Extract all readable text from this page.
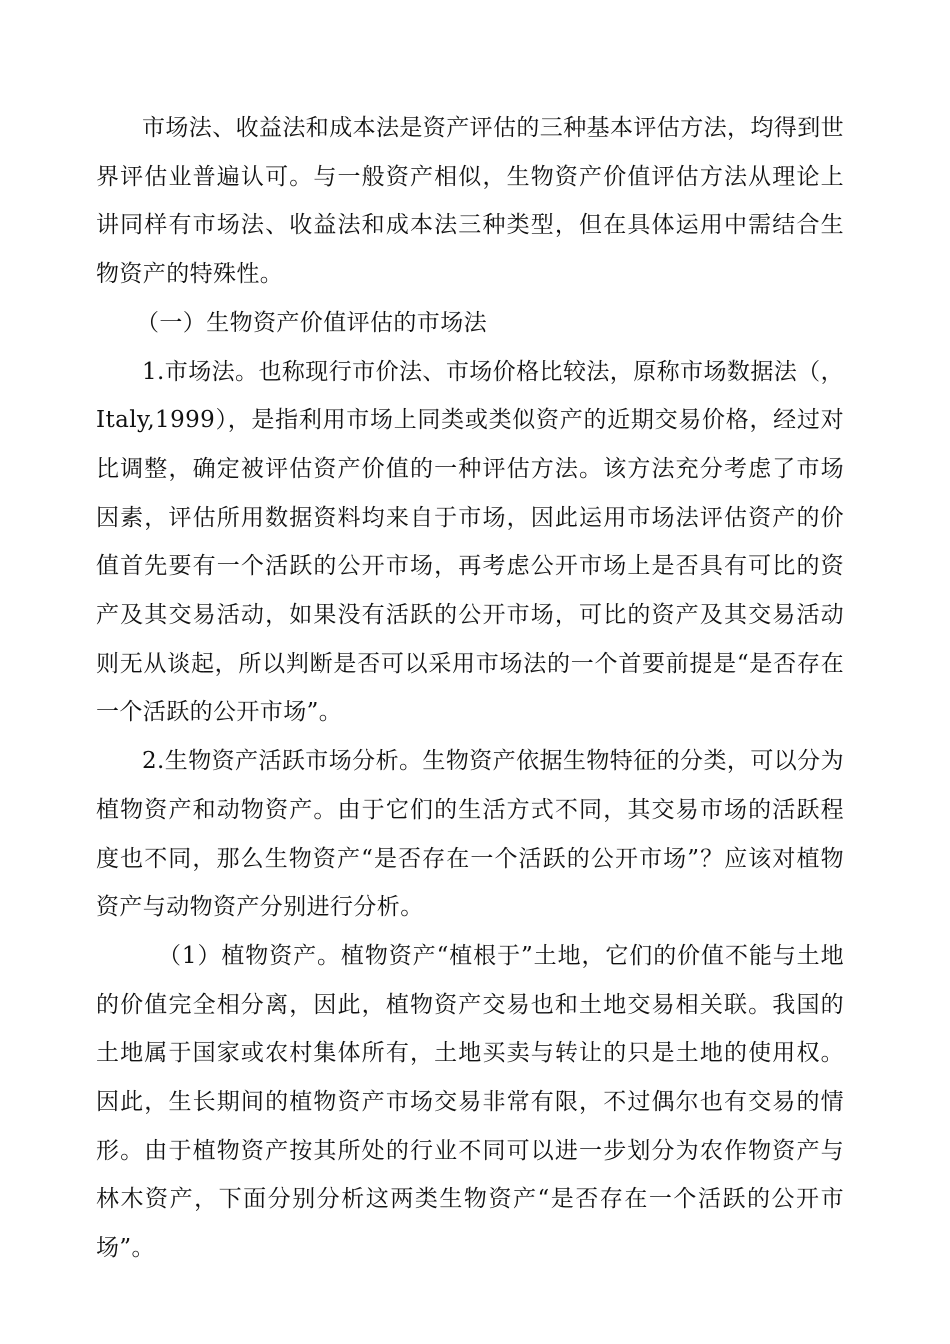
市场法、收益法和成本法是资产评估的三种基本评估方法，均得到世界评估业普遍认可。与一般资产相似，生物资产价值评估方法从理论上讲同样有市场法、收益法和成本法三种类型，但在具体运用中需结合生物资产的特殊性。

（一）生物资产价值评估的市场法

1.市场法。也称现行市价法、市场价格比较法，原称市场数据法（，Italy,1999），是指利用市场上同类或类似资产的近期交易价格，经过对比调整，确定被评估资产价值的一种评估方法。该方法充分考虑了市场因素，评估所用数据资料均来自于市场，因此运用市场法评估资产的价值首先要有一个活跃的公开市场，再考虑公开市场上是否具有可比的资产及其交易活动，如果没有活跃的公开市场，可比的资产及其交易活动则无从谈起，所以判断是否可以采用市场法的一个首要前提是“是否存在一个活跃的公开市场”。

2.生物资产活跃市场分析。生物资产依据生物特征的分类，可以分为植物资产和动物资产。由于它们的生活方式不同，其交易市场的活跃程度也不同，那么生物资产“是否存在一个活跃的公开市场”？应该对植物资产与动物资产分别进行分析。

（1）植物资产。植物资产“植根于”土地，它们的价值不能与土地的价值完全相分离，因此，植物资产交易也和土地交易相关联。我国的土地属于国家或农村集体所有，土地买卖与转让的只是土地的使用权。因此，生长期间的植物资产市场交易非常有限，不过偶尔也有交易的情形。由于植物资产按其所处的行业不同可以进一步划分为农作物资产与林木资产，下面分别分析这两类生物资产“是否存在一个活跃的公开市场”。
